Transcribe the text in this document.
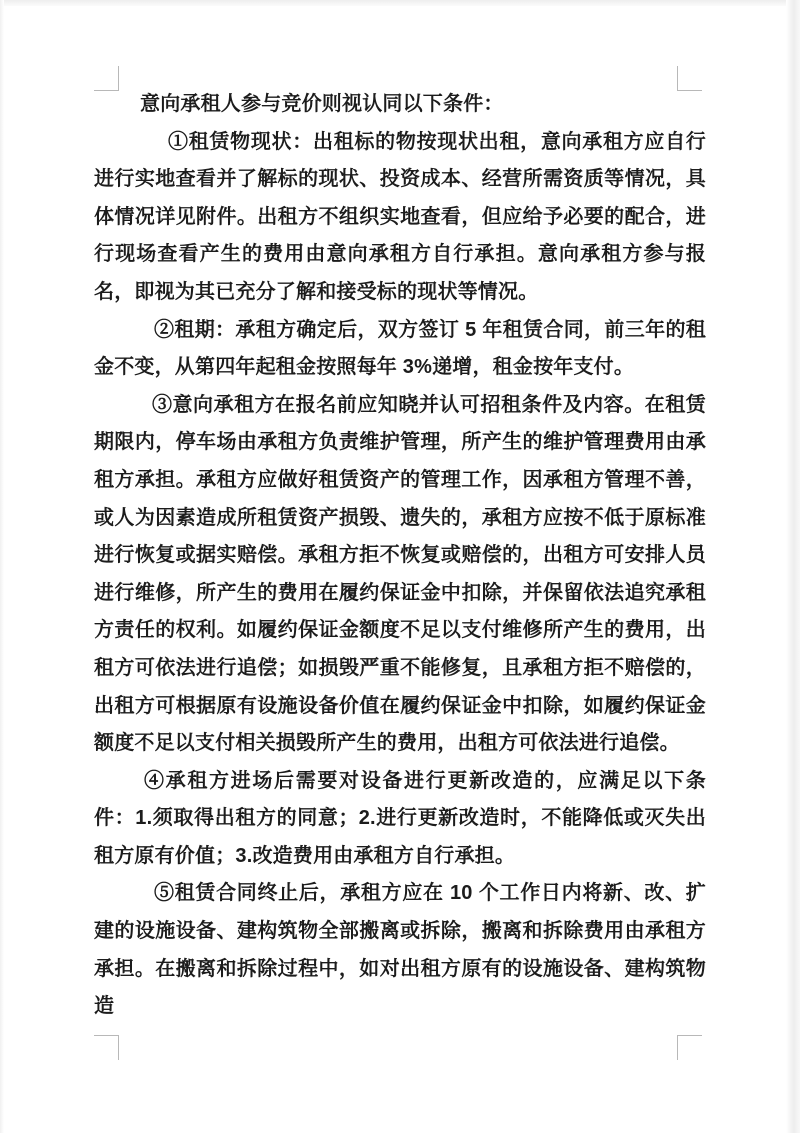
意向承租人参与竞价则视认同以下条件：

①租赁物现状：出租标的物按现状出租，意向承租方应自行进行实地查看并了解标的现状、投资成本、经营所需资质等情况，具体情况详见附件。出租方不组织实地查看，但应给予必要的配合，进行现场查看产生的费用由意向承租方自行承担。意向承租方参与报名，即视为其已充分了解和接受标的现状等情况。

②租期：承租方确定后，双方签订 5 年租赁合同，前三年的租金不变，从第四年起租金按照每年 3%递增，租金按年支付。

③意向承租方在报名前应知晓并认可招租条件及内容。在租赁期限内，停车场由承租方负责维护管理，所产生的维护管理费用由承租方承担。承租方应做好租赁资产的管理工作，因承租方管理不善，或人为因素造成所租赁资产损毁、遗失的，承租方应按不低于原标准进行恢复或据实赔偿。承租方拒不恢复或赔偿的，出租方可安排人员进行维修，所产生的费用在履约保证金中扣除，并保留依法追究承租方责任的权利。如履约保证金额度不足以支付维修所产生的费用，出租方可依法进行追偿；如损毁严重不能修复，且承租方拒不赔偿的，出租方可根据原有设施设备价值在履约保证金中扣除，如履约保证金额度不足以支付相关损毁所产生的费用，出租方可依法进行追偿。

④承租方进场后需要对设备进行更新改造的，应满足以下条件：1.须取得出租方的同意；2.进行更新改造时，不能降低或灭失出租方原有价值；3.改造费用由承租方自行承担。

⑤租赁合同终止后，承租方应在 10 个工作日内将新、改、扩建的设施设备、建构筑物全部搬离或拆除，搬离和拆除费用由承租方承担。在搬离和拆除过程中，如对出租方原有的设施设备、建构筑物造
